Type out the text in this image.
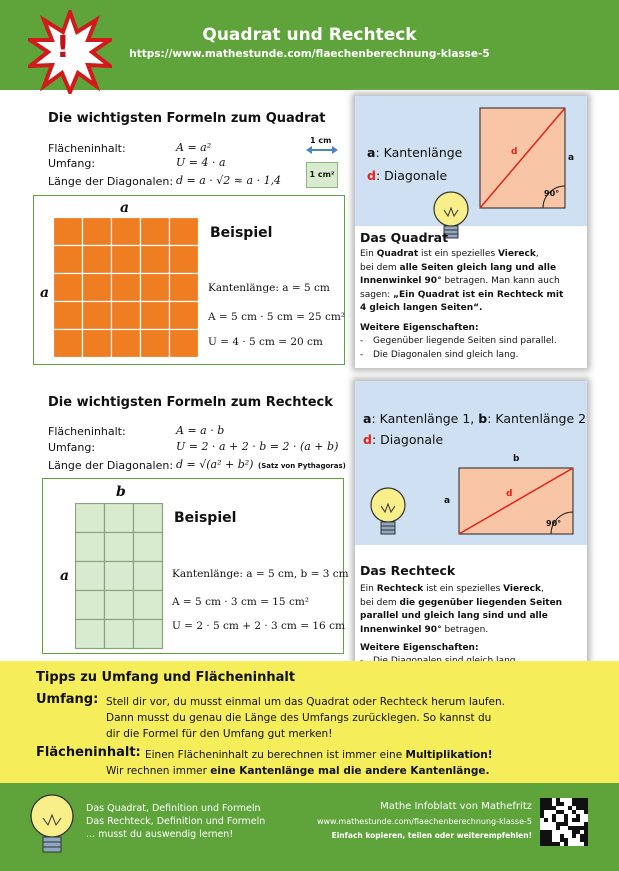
!	Quadrat und Rechteck
https://www.mathestunde.com/flaechenberechnung-klasse-5
Die wichtigsten Formeln zum Quadrat
Flächeninhalt:	A = a²
Umfang:	U = 4 · a
Länge der Diagonalen: d = a · √2 ≈ a · 1,4
1 cm
1 cm²
a
a
Beispiel
Kantenlänge: a = 5 cm
A = 5 cm · 5 cm = 25 cm²
U = 4 · 5 cm = 20 cm
a: Kantenlänge
d: Diagonale
d
a
90°
Das Quadrat
Ein Quadrat ist ein spezielles Viereck,
bei dem alle Seiten gleich lang und alle
Innenwinkel 90° betragen. Man kann auch
sagen: „Ein Quadrat ist ein Rechteck mit
4 gleich langen Seiten“.
Weitere Eigenschaften:
- Gegenüber liegende Seiten sind parallel.
- Die Diagonalen sind gleich lang.
Die wichtigsten Formeln zum Rechteck
Flächeninhalt:	A = a · b
Umfang:	U = 2 · a + 2 · b = 2 · (a + b)
Länge der Diagonalen: d = √(a² + b²) (Satz von Pythagoras)
b
a
Beispiel
Kantenlänge: a = 5 cm, b = 3 cm
A = 5 cm · 3 cm = 15 cm²
U = 2 · 5 cm + 2 · 3 cm = 16 cm
a: Kantenlänge 1, b: Kantenlänge 2
d: Diagonale
b
a
d
90°
Das Rechteck
Ein Rechteck ist ein spezielles Viereck,
bei dem die gegenüber liegenden Seiten
parallel und gleich lang sind und alle
Innenwinkel 90° betragen.
Weitere Eigenschaften:
Tipps zu Umfang und Flächeninhalt
Umfang: Stell dir vor, du musst einmal um das Quadrat oder Rechteck herum laufen.
Dann musst du genau die Länge des Umfangs zurücklegen. So kannst du
dir die Formel für den Umfang gut merken!
Flächeninhalt: Einen Flächeninhalt zu berechnen ist immer eine Multiplikation!
Wir rechnen immer eine Kantenlänge mal die andere Kantenlänge.
Das Quadrat, Definition und Formeln
Das Rechteck, Definition und Formeln
... musst du auswendig lernen!
Mathe Infoblatt von Mathefritz
www.mathestunde.com/flaechenberechnung-klasse-5
Einfach kopieren, teilen oder weiterempfehlen!
